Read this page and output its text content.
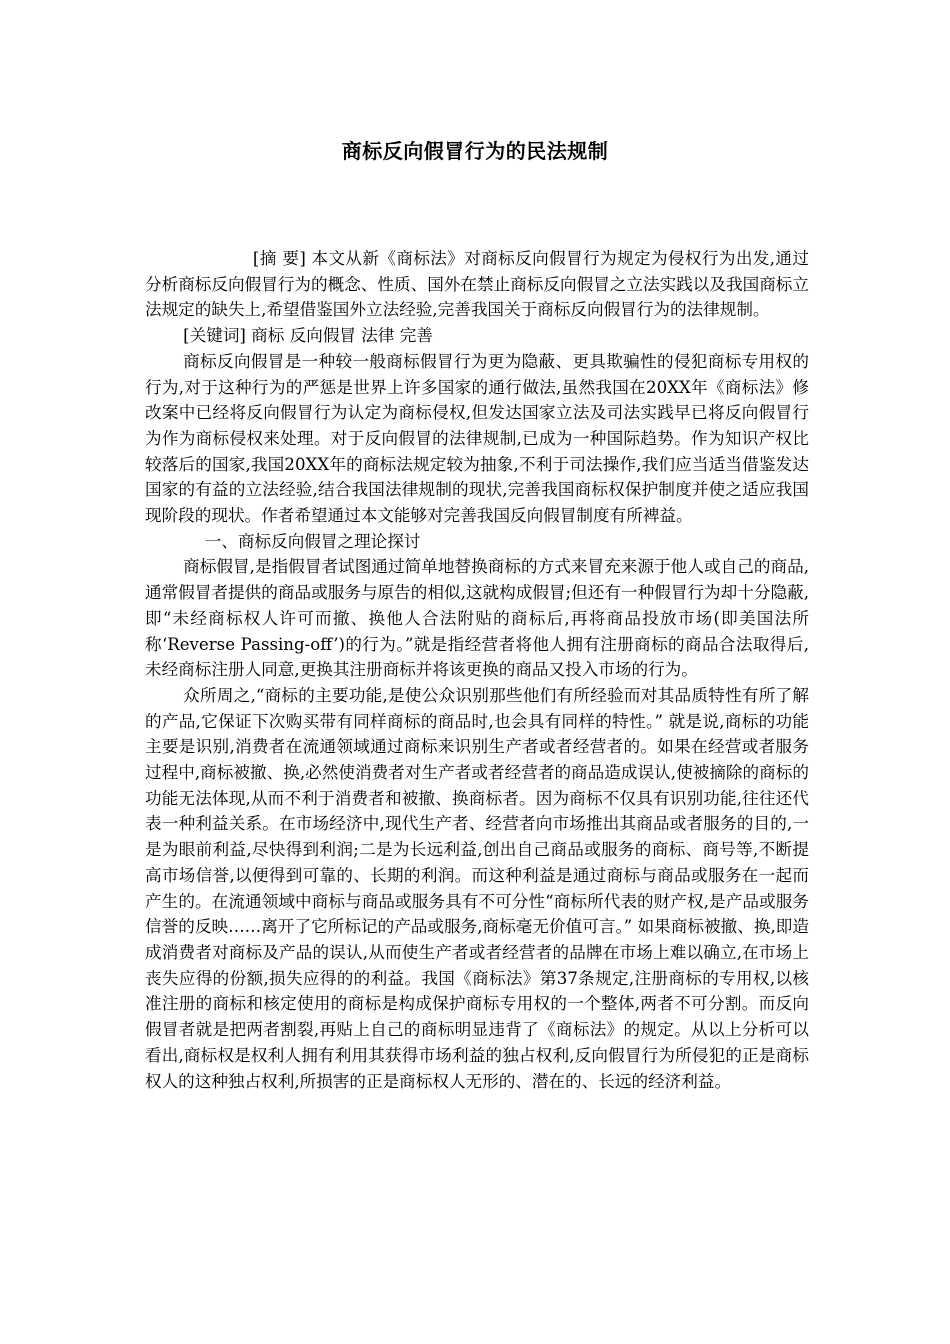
商标反向假冒行为的民法规制

[摘 要] 本文从新《商标法》对商标反向假冒行为规定为侵权行为出发,通过分析商标反向假冒行为的概念、性质、国外在禁止商标反向假冒之立法实践以及我国商标立法规定的缺失上,希望借鉴国外立法经验,完善我国关于商标反向假冒行为的法律规制。

[关键词] 商标 反向假冒 法律 完善

商标反向假冒是一种较一般商标假冒行为更为隐蔽、更具欺骗性的侵犯商标专用权的行为,对于这种行为的严惩是世界上许多国家的通行做法,虽然我国在20XX年《商标法》修改案中已经将反向假冒行为认定为商标侵权,但发达国家立法及司法实践早已将反向假冒行为作为商标侵权来处理。对于反向假冒的法律规制,已成为一种国际趋势。作为知识产权比较落后的国家,我国20XX年的商标法规定较为抽象,不利于司法操作,我们应当适当借鉴发达国家的有益的立法经验,结合我国法律规制的现状,完善我国商标权保护制度并使之适应我国现阶段的现状。作者希望通过本文能够对完善我国反向假冒制度有所裨益。

一、商标反向假冒之理论探讨

商标假冒,是指假冒者试图通过简单地替换商标的方式来冒充来源于他人或自己的商品,通常假冒者提供的商品或服务与原告的相似,这就构成假冒;但还有一种假冒行为却十分隐蔽,即“未经商标权人许可而撤、换他人合法附贴的商标后,再将商品投放市场(即美国法所称‘Reverse Passing-off’)的行为。”就是指经营者将他人拥有注册商标的商品合法取得后,未经商标注册人同意,更换其注册商标并将该更换的商品又投入市场的行为。

众所周之,“商标的主要功能,是使公众识别那些他们有所经验而对其品质特性有所了解的产品,它保证下次购买带有同样商标的商品时,也会具有同样的特性。” 就是说,商标的功能主要是识别,消费者在流通领域通过商标来识别生产者或者经营者的。如果在经营或者服务过程中,商标被撤、换,必然使消费者对生产者或者经营者的商品造成误认,使被摘除的商标的功能无法体现,从而不利于消费者和被撤、换商标者。因为商标不仅具有识别功能,往往还代表一种利益关系。在市场经济中,现代生产者、经营者向市场推出其商品或者服务的目的,一是为眼前利益,尽快得到利润;二是为长远利益,创出自己商品或服务的商标、商号等,不断提高市场信誉,以便得到可靠的、长期的利润。而这种利益是通过商标与商品或服务在一起而产生的。在流通领域中商标与商品或服务具有不可分性“商标所代表的财产权,是产品或服务信誉的反映……离开了它所标记的产品或服务,商标毫无价值可言。” 如果商标被撤、换,即造成消费者对商标及产品的误认,从而使生产者或者经营者的品牌在市场上难以确立,在市场上丧失应得的份额,损失应得的的利益。我国《商标法》第37条规定,注册商标的专用权,以核准注册的商标和核定使用的商标是构成保护商标专用权的一个整体,两者不可分割。而反向假冒者就是把两者割裂,再贴上自己的商标明显违背了《商标法》的规定。从以上分析可以看出,商标权是权利人拥有利用其获得市场利益的独占权利,反向假冒行为所侵犯的正是商标权人的这种独占权利,所损害的正是商标权人无形的、潜在的、长远的经济利益。
